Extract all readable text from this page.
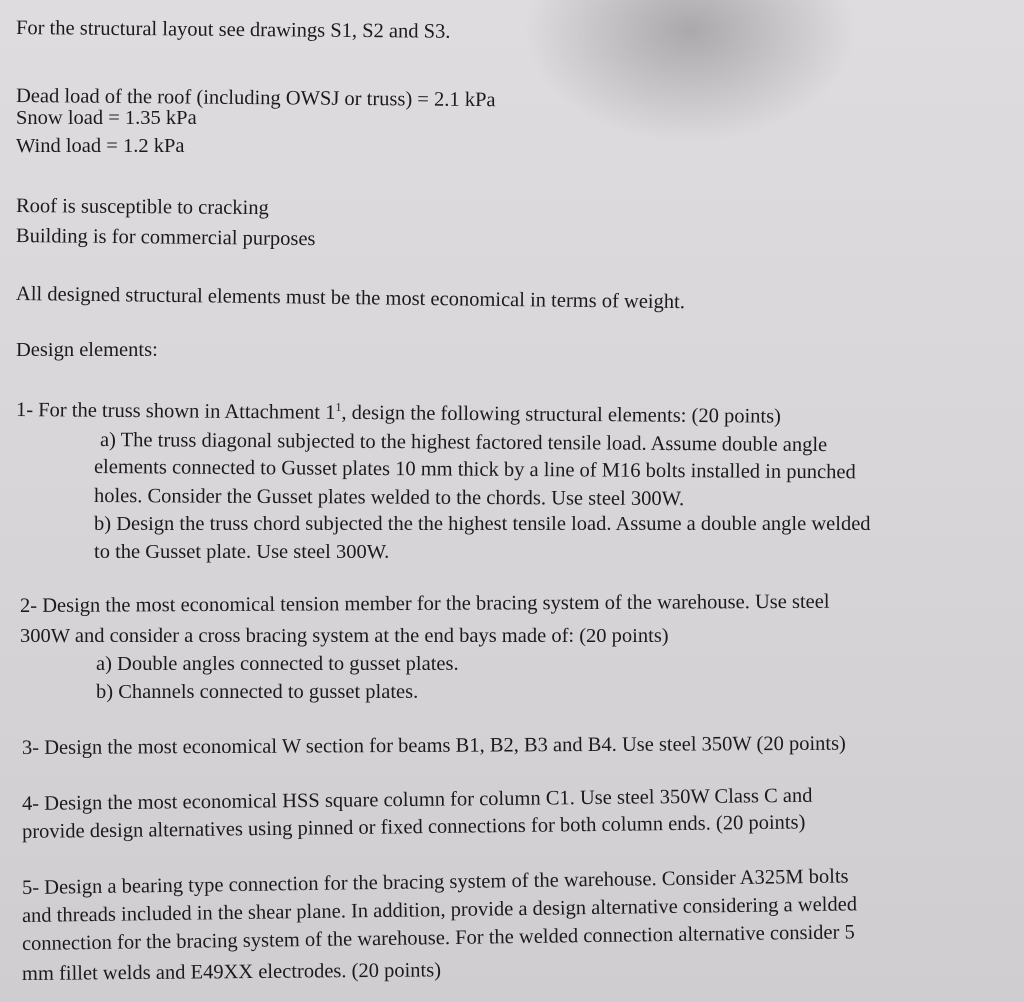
For the structural layout see drawings S1, S2 and S3.

Dead load of the roof (including OWSJ or truss) = 2.1 kPa

Snow load = 1.35 kPa

Wind load = 1.2 kPa

Roof is susceptible to cracking

Building is for commercial purposes

All designed structural elements must be the most economical in terms of weight.

Design elements:

1- For the truss shown in Attachment $1^1$, design the following structural elements: (20 points)

a) The truss diagonal subjected to the highest factored tensile load. Assume double angle

elements connected to Gusset plates 10 mm thick by a line of M16 bolts installed in punched

holes. Consider the Gusset plates welded to the chords. Use steel 300W.

b) Design the truss chord subjected the the highest tensile load. Assume a double angle welded

to the Gusset plate. Use steel 300W.

2- Design the most economical tension member for the bracing system of the warehouse. Use steel

300W and consider a cross bracing system at the end bays made of: (20 points)

a) Double angles connected to gusset plates.

b) Channels connected to gusset plates.

3- Design the most economical W section for beams B1, B2, B3 and B4. Use steel 350W (20 points)

4- Design the most economical HSS square column for column C1. Use steel 350W Class C and

provide design alternatives using pinned or fixed connections for both column ends. (20 points)

5- Design a bearing type connection for the bracing system of the warehouse. Consider A325M bolts

and threads included in the shear plane. In addition, provide a design alternative considering a welded

connection for the bracing system of the warehouse. For the welded connection alternative consider 5

mm fillet welds and E49XX electrodes. (20 points)
